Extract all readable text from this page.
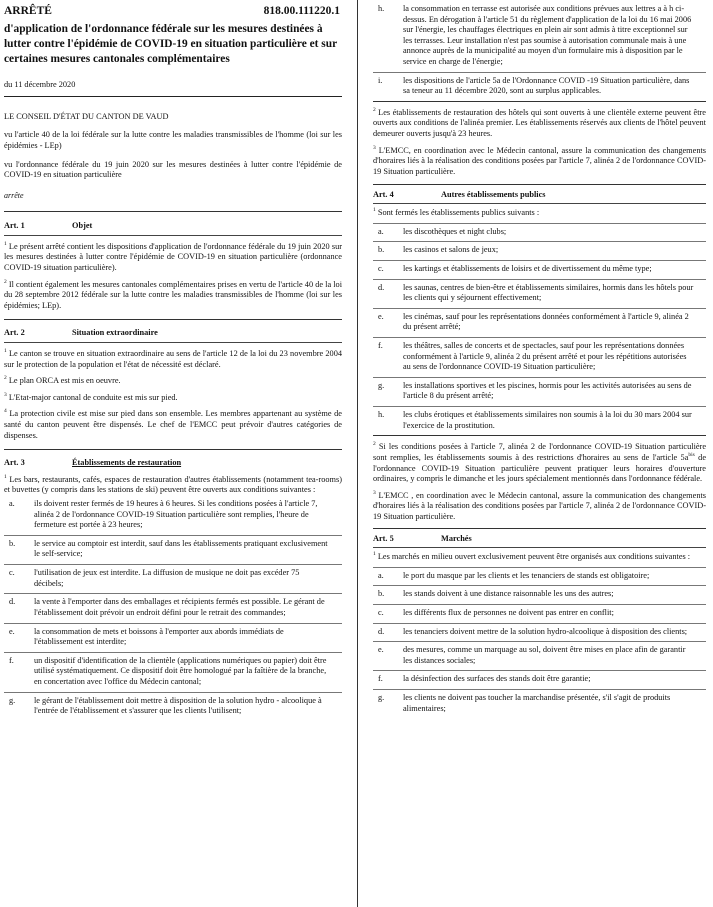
ARRÊTÉ	818.00.111220.1
d'application de l'ordonnance fédérale sur les mesures destinées à lutter contre l'épidémie de COVID-19 en situation particulière et sur certaines mesures cantonales complémentaires
du 11 décembre 2020
LE CONSEIL D'ÉTAT DU CANTON DE VAUD
vu l'article 40 de la loi fédérale sur la lutte contre les maladies transmissibles de l'homme (loi sur les épidémies - LEp)
vu l'ordonnance fédérale du 19 juin 2020 sur les mesures destinées à lutter contre l'épidémie de COVID-19 en situation particulière
arrête
Art. 1	Objet
$^1$ Le présent arrêté contient les dispositions d'application de l'ordonnance fédérale du 19 juin 2020 sur les mesures destinées à lutter contre l'épidémie de COVID-19 en situation particulière (ordonnance COVID-19 situation particulière).
$^2$ Il contient également les mesures cantonales complémentaires prises en vertu de l'article 40 de la loi du 28 septembre 2012 fédérale sur la lutte contre les maladies transmissibles de l'homme (loi sur les épidémies; LEp).
Art. 2	Situation extraordinaire
$^1$ Le canton se trouve en situation extraordinaire au sens de l'article 12 de la loi du 23 novembre 2004 sur le protection de la population et l'état de nécessité est déclaré.
$^2$ Le plan ORCA est mis en oeuvre.
$^3$ L'Etat-major cantonal de conduite est mis sur pied.
$^4$ La protection civile est mise sur pied dans son ensemble. Les membres appartenant au système de santé du canton peuvent être dispensés. Le chef de l'EMCC peut prévoir d'autres catégories de dispenses.
Art. 3	Établissements de restauration
$^1$ Les bars, restaurants, cafés, espaces de restauration d'autres établissements (notamment tea-rooms) et buvettes (y compris dans les stations de ski) peuvent être ouverts aux conditions suivantes :
a.	ils doivent rester fermés de 19 heures à 6 heures. Si les conditions posées à l'article 7, alinéa 2 de l'ordonnance COVID-19 Situation particulière sont remplies, l'heure de fermeture est portée à 23 heures;
b.	le service au comptoir est interdit, sauf dans les établissements pratiquant exclusivement le self-service;
c.	l'utilisation de jeux est interdite. La diffusion de musique ne doit pas excéder 75 décibels;
d.	la vente à l'emporter dans des emballages et récipients fermés est possible. Le gérant de l'établissement doit prévoir un endroit défini pour le retrait des commandes;
e.	la consommation de mets et boissons à l'emporter aux abords immédiats de l'établissement est interdite;
f.	un dispositif d'identification de la clientèle (applications numériques ou papier) doit être utilisé systématiquement. Ce dispositif doit être homologué par la faîtière de la branche, en concertation avec l'office du Médecin cantonal;
g.	le gérant de l'établissement doit mettre à disposition de la solution hydro - alcoolique à l'entrée de l'établissement et s'assurer que les clients l'utilisent;
h.	la consommation en terrasse est autorisée aux conditions prévues aux lettres a à h ci-dessus. En dérogation à l'article 51 du règlement d'application de la loi du 16 mai 2006 sur l'énergie, les chauffages électriques en plein air sont admis à titre exceptionnel sur les terrasses. Leur installation n'est pas soumise à autorisation communale mais à une annonce auprès de la municipalité au moyen d'un formulaire mis à disposition par le service en charge de l'énergie;
i.	les dispositions de l'article 5a de l'Ordonnance COVID -19 Situation particulière, dans sa teneur au 11 décembre 2020, sont au surplus applicables.
$^2$ Les établissements de restauration des hôtels qui sont ouverts à une clientèle externe peuvent être ouverts aux conditions de l'alinéa premier. Les établissements réservés aux clients de l'hôtel peuvent demeurer ouverts jusqu'à 23 heures.
$^3$ L'EMCC, en coordination avec le Médecin cantonal, assure la communication des changements d'horaires liés à la réalisation des conditions posées par l'article 7, alinéa 2 de l'ordonnance COVID-19 Situation particulière.
Art. 4	Autres établissements publics
$^1$ Sont fermés les établissements publics suivants :
a.	les discothèques et night clubs;
b.	les casinos et salons de jeux;
c.	les kartings et établissements de loisirs et de divertissement du même type;
d.	les saunas, centres de bien-être et établissements similaires, hormis dans les hôtels pour les clients qui y séjournent effectivement;
e.	les cinémas, sauf pour les représentations données conformément à l'article 9, alinéa 2 du présent arrêté;
f.	les théâtres, salles de concerts et de spectacles, sauf pour les représentations données conformément à l'article 9, alinéa 2 du présent arrêté et pour les répétitions autorisées au sens de l'ordonnance COVID-19 Situation particulière;
g.	les installations sportives et les piscines, hormis pour les activités autorisées au sens de l'article 8 du présent arrêté;
h.	les clubs érotiques et établissements similaires non soumis à la loi du 30 mars 2004 sur l'exercice de la prostitution.
$^2$ Si les conditions posées à l'article 7, alinéa 2 de l'ordonnance COVID-19 Situation particulière sont remplies, les établissements soumis à des restrictions d'horaires au sens de l'article $5a^{bis}$ de l'ordonnance COVID-19 Situation particulière peuvent pratiquer leurs horaires d'ouverture ordinaires, y compris le dimanche et les jours spécialement mentionnés dans l'ordonnance fédérale.
$^3$ L'EMCC , en coordination avec le Médecin cantonal, assure la communication des changements d'horaires liés à la réalisation des conditions posées par l'article 7, alinéa 2 de l'ordonnance COVID-19 Situation particulière.
Art. 5	Marchés
$^1$ Les marchés en milieu ouvert exclusivement peuvent être organisés aux conditions suivantes :
a.	le port du masque par les clients et les tenanciers de stands est obligatoire;
b.	les stands doivent à une distance raisonnable les uns des autres;
c.	les différents flux de personnes ne doivent pas entrer en conflit;
d.	les tenanciers doivent mettre de la solution hydro-alcoolique à disposition des clients;
e.	des mesures, comme un marquage au sol, doivent être mises en place afin de garantir les distances sociales;
f.	la désinfection des surfaces des stands doit être garantie;
g.	les clients ne doivent pas toucher la marchandise présentée, s'il s'agit de produits alimentaires;
